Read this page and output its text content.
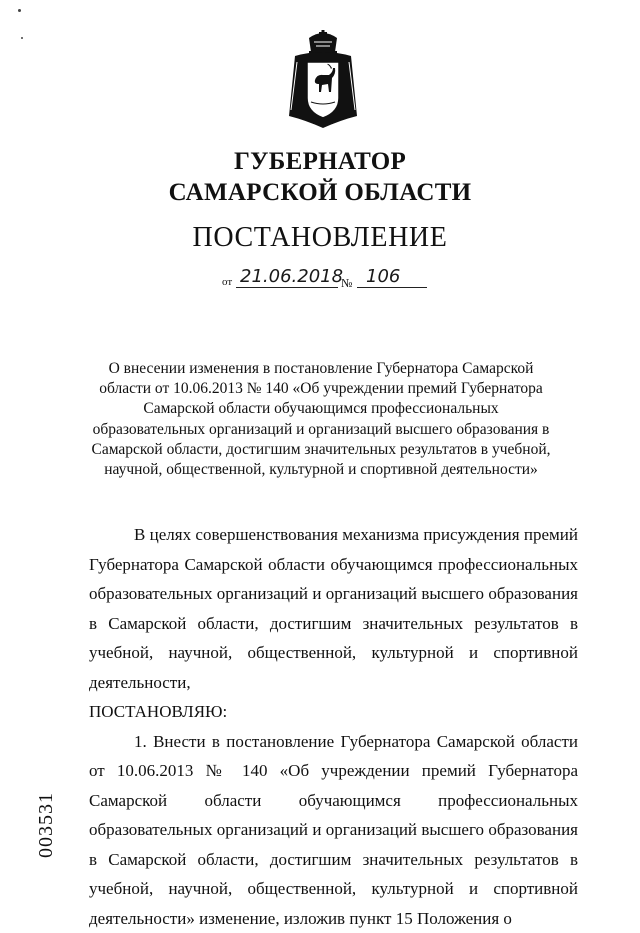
ГУБЕРНАТОР
САМАРСКОЙ ОБЛАСТИ
ПОСТАНОВЛЕНИЕ
от 21.06.2018
№ 106
О внесении изменения в постановление Губернатора Самарской области от 10.06.2013 № 140 «Об учреждении премий Губернатора Самарской области обучающимся профессиональных образовательных организаций и организаций высшего образования в Самарской области, достигшим значительных результатов в учебной, научной, общественной, культурной и спортивной деятельности»

В целях совершенствования механизма присуждения премий Губернатора Самарской области обучающимся профессиональных образовательных организаций и организаций высшего образования в Самарской области, достигшим значительных результатов в учебной, научной, общественной, культурной и спортивной деятельности,

ПОСТАНОВЛЯЮ:

1. Внести в постановление Губернатора Самарской области от 10.06.2013 № 140 «Об учреждении премий Губернатора Самарской области обучающимся профессиональных образовательных организаций и организаций высшего образования в Самарской области, достигшим значительных результатов в учебной, научной, общественной, культурной и спортивной деятельности» изменение, изложив пункт 15 Положения о

003531
